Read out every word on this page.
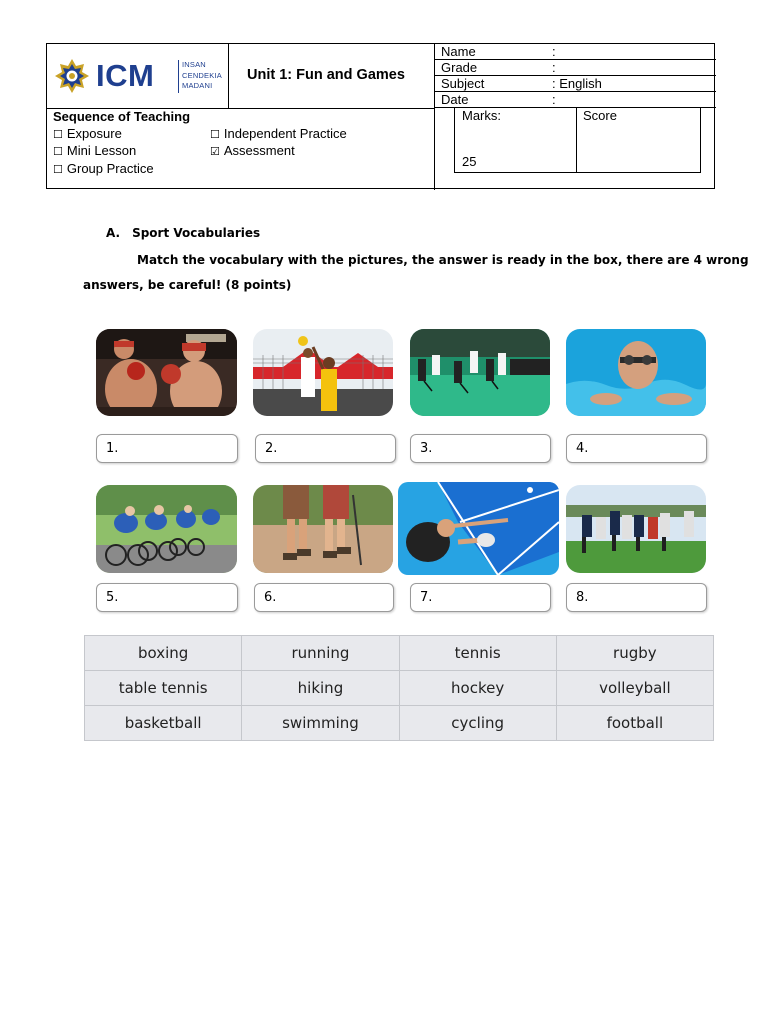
ICM	INSAN
CENDEKIA
MADANI
Unit 1: Fun and Games
Name	:
Grade	:
Subject	: English
Date	:
Sequence of Teaching
☐ Exposure
☐ Mini Lesson
☐ Group Practice
☐ Independent Practice
☑ Assessment
Marks:
25
Score
A. Sport Vocabularies
Match the vocabulary with the pictures, the answer is ready in the box, there are 4 wrong
answers, be careful! (8 points)
1.	2.	3.	4.
5.	6.	7.	8.
boxing	running	tennis	rugby
table tennis	hiking	hockey	volleyball
basketball	swimming	cycling	football
